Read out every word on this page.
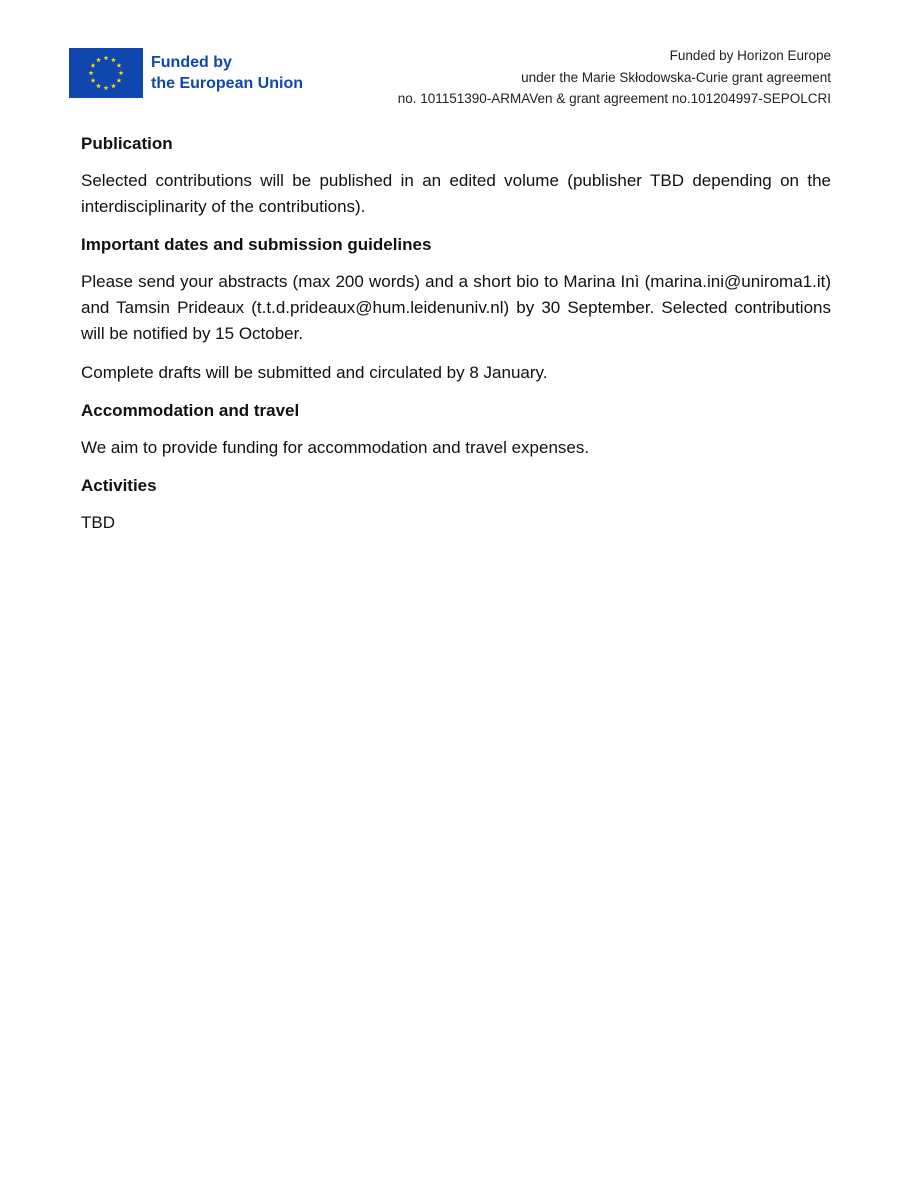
Funded by
the European Union
Funded by Horizon Europe
under the Marie Skłodowska-Curie grant agreement
no. 101151390-ARMAVen & grant agreement no.101204997-SEPOLCRI
Publication

Selected contributions will be published in an edited volume (publisher TBD depending on the interdisciplinarity of the contributions).

Important dates and submission guidelines

Please send your abstracts (max 200 words) and a short bio to Marina Inì (marina.ini@uniroma1.it) and Tamsin Prideaux (t.t.d.prideaux@hum.leidenuniv.nl) by 30 September. Selected contributions will be notified by 15 October.

Complete drafts will be submitted and circulated by 8 January.

Accommodation and travel

We aim to provide funding for accommodation and travel expenses.

Activities

TBD
